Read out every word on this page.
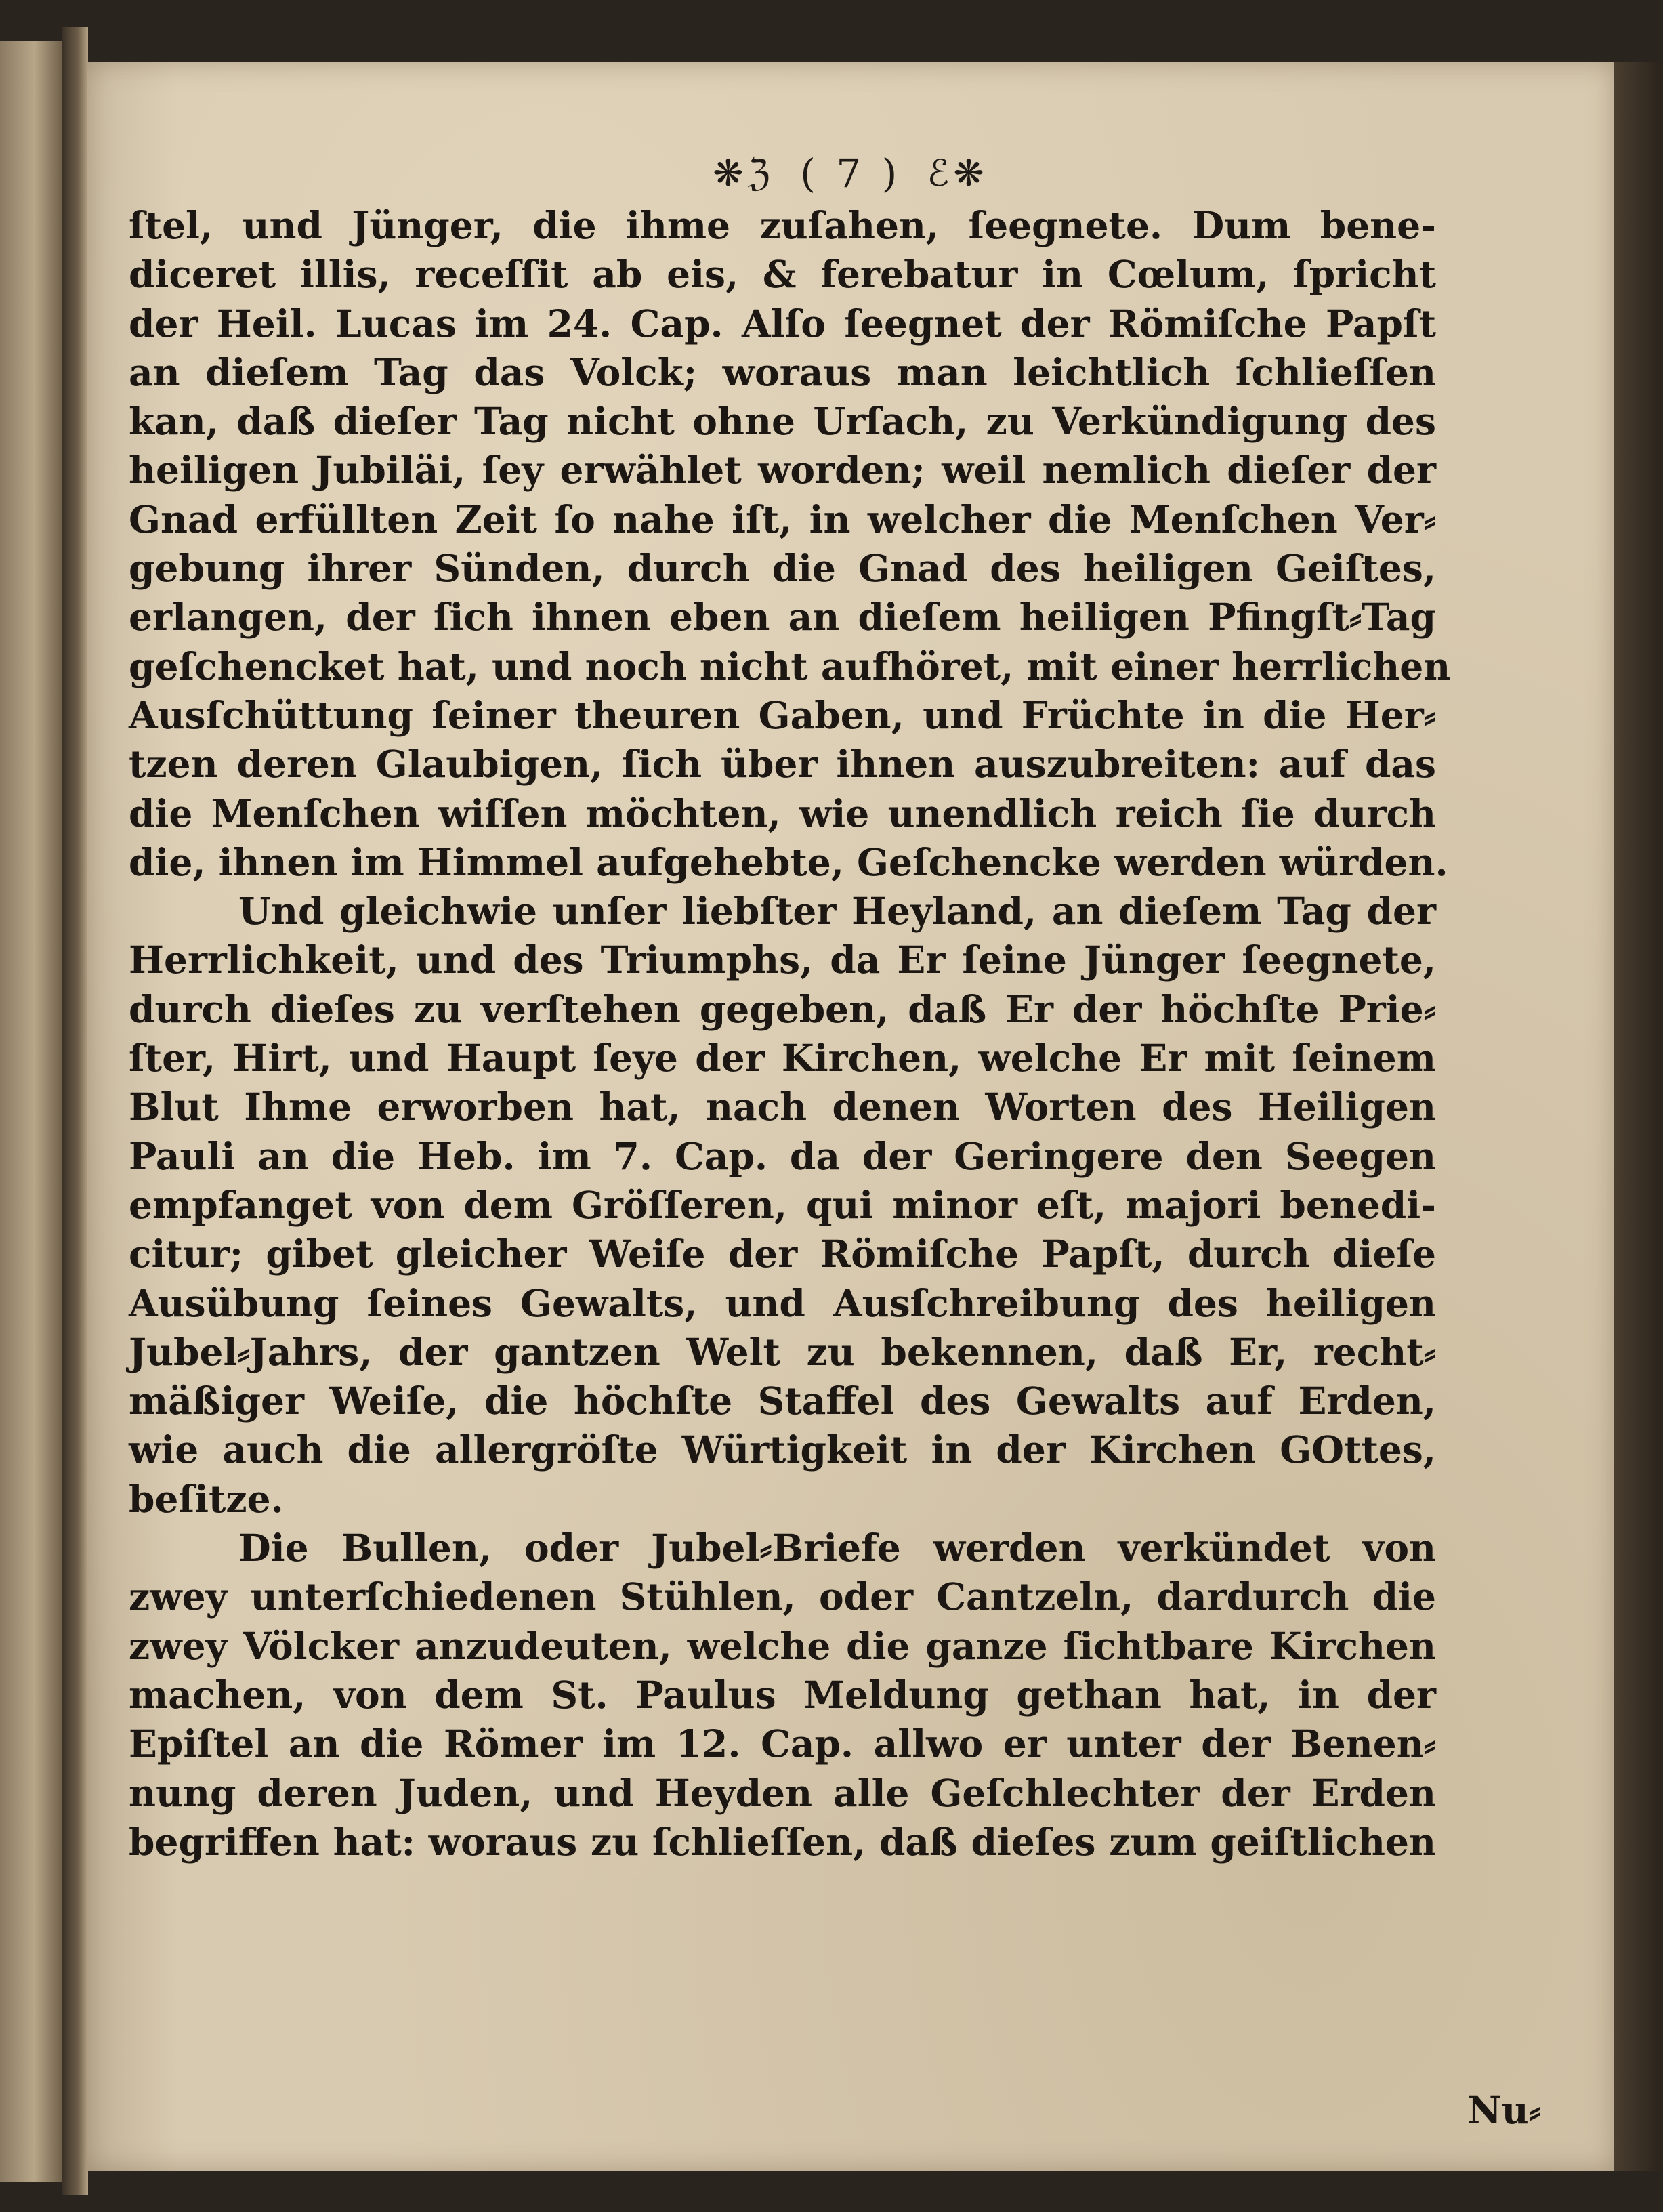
❋ℨ ( 7 ) ℰ❋
ſtel, und Jünger, die ihme zuſahen, ſeegnete. Dum bene-
diceret illis, receſſit ab eis, & ferebatur in Cœlum, ſpricht
der Heil. Lucas im 24. Cap. Alſo ſeegnet der Römiſche Papſt
an dieſem Tag das Volck; woraus man leichtlich ſchlieſſen
kan, daß dieſer Tag nicht ohne Urſach, zu Verkündigung des
heiligen Jubiläi, ſey erwählet worden; weil nemlich dieſer der
Gnad erfüllten Zeit ſo nahe iſt, in welcher die Menſchen Ver⸗
gebung ihrer Sünden, durch die Gnad des heiligen Geiſtes,
erlangen, der ſich ihnen eben an dieſem heiligen Pfingſt⸗Tag
geſchencket hat, und noch nicht aufhöret, mit einer herrlichen
Ausſchüttung ſeiner theuren Gaben, und Früchte in die Her⸗
tzen deren Glaubigen, ſich über ihnen auszubreiten: auf das
die Menſchen wiſſen möchten, wie unendlich reich ſie durch
die, ihnen im Himmel aufgehebte, Geſchencke werden würden.
Und gleichwie unſer liebſter Heyland, an dieſem Tag der
Herrlichkeit, und des Triumphs, da Er ſeine Jünger ſeegnete,
durch dieſes zu verſtehen gegeben, daß Er der höchſte Prie⸗
ſter, Hirt, und Haupt ſeye der Kirchen, welche Er mit ſeinem
Blut Ihme erworben hat, nach denen Worten des Heiligen
Pauli an die Heb. im 7. Cap. da der Geringere den Seegen
empfanget von dem Gröſſeren, qui minor eſt, majori benedi-
citur; gibet gleicher Weiſe der Römiſche Papſt, durch dieſe
Ausübung ſeines Gewalts, und Ausſchreibung des heiligen
Jubel⸗Jahrs, der gantzen Welt zu bekennen, daß Er, recht⸗
mäßiger Weiſe, die höchſte Staffel des Gewalts auf Erden,
wie auch die allergröſte Würtigkeit in der Kirchen GOttes,
beſitze.
Die Bullen, oder Jubel⸗Briefe werden verkündet von
zwey unterſchiedenen Stühlen, oder Cantzeln, dardurch die
zwey Völcker anzudeuten, welche die ganze ſichtbare Kirchen
machen, von dem St. Paulus Meldung gethan hat, in der
Epiſtel an die Römer im 12. Cap. allwo er unter der Benen⸗
nung deren Juden, und Heyden alle Geſchlechter der Erden
begriffen hat: woraus zu ſchlieſſen, daß dieſes zum geiſtlichen
Nu⸗
